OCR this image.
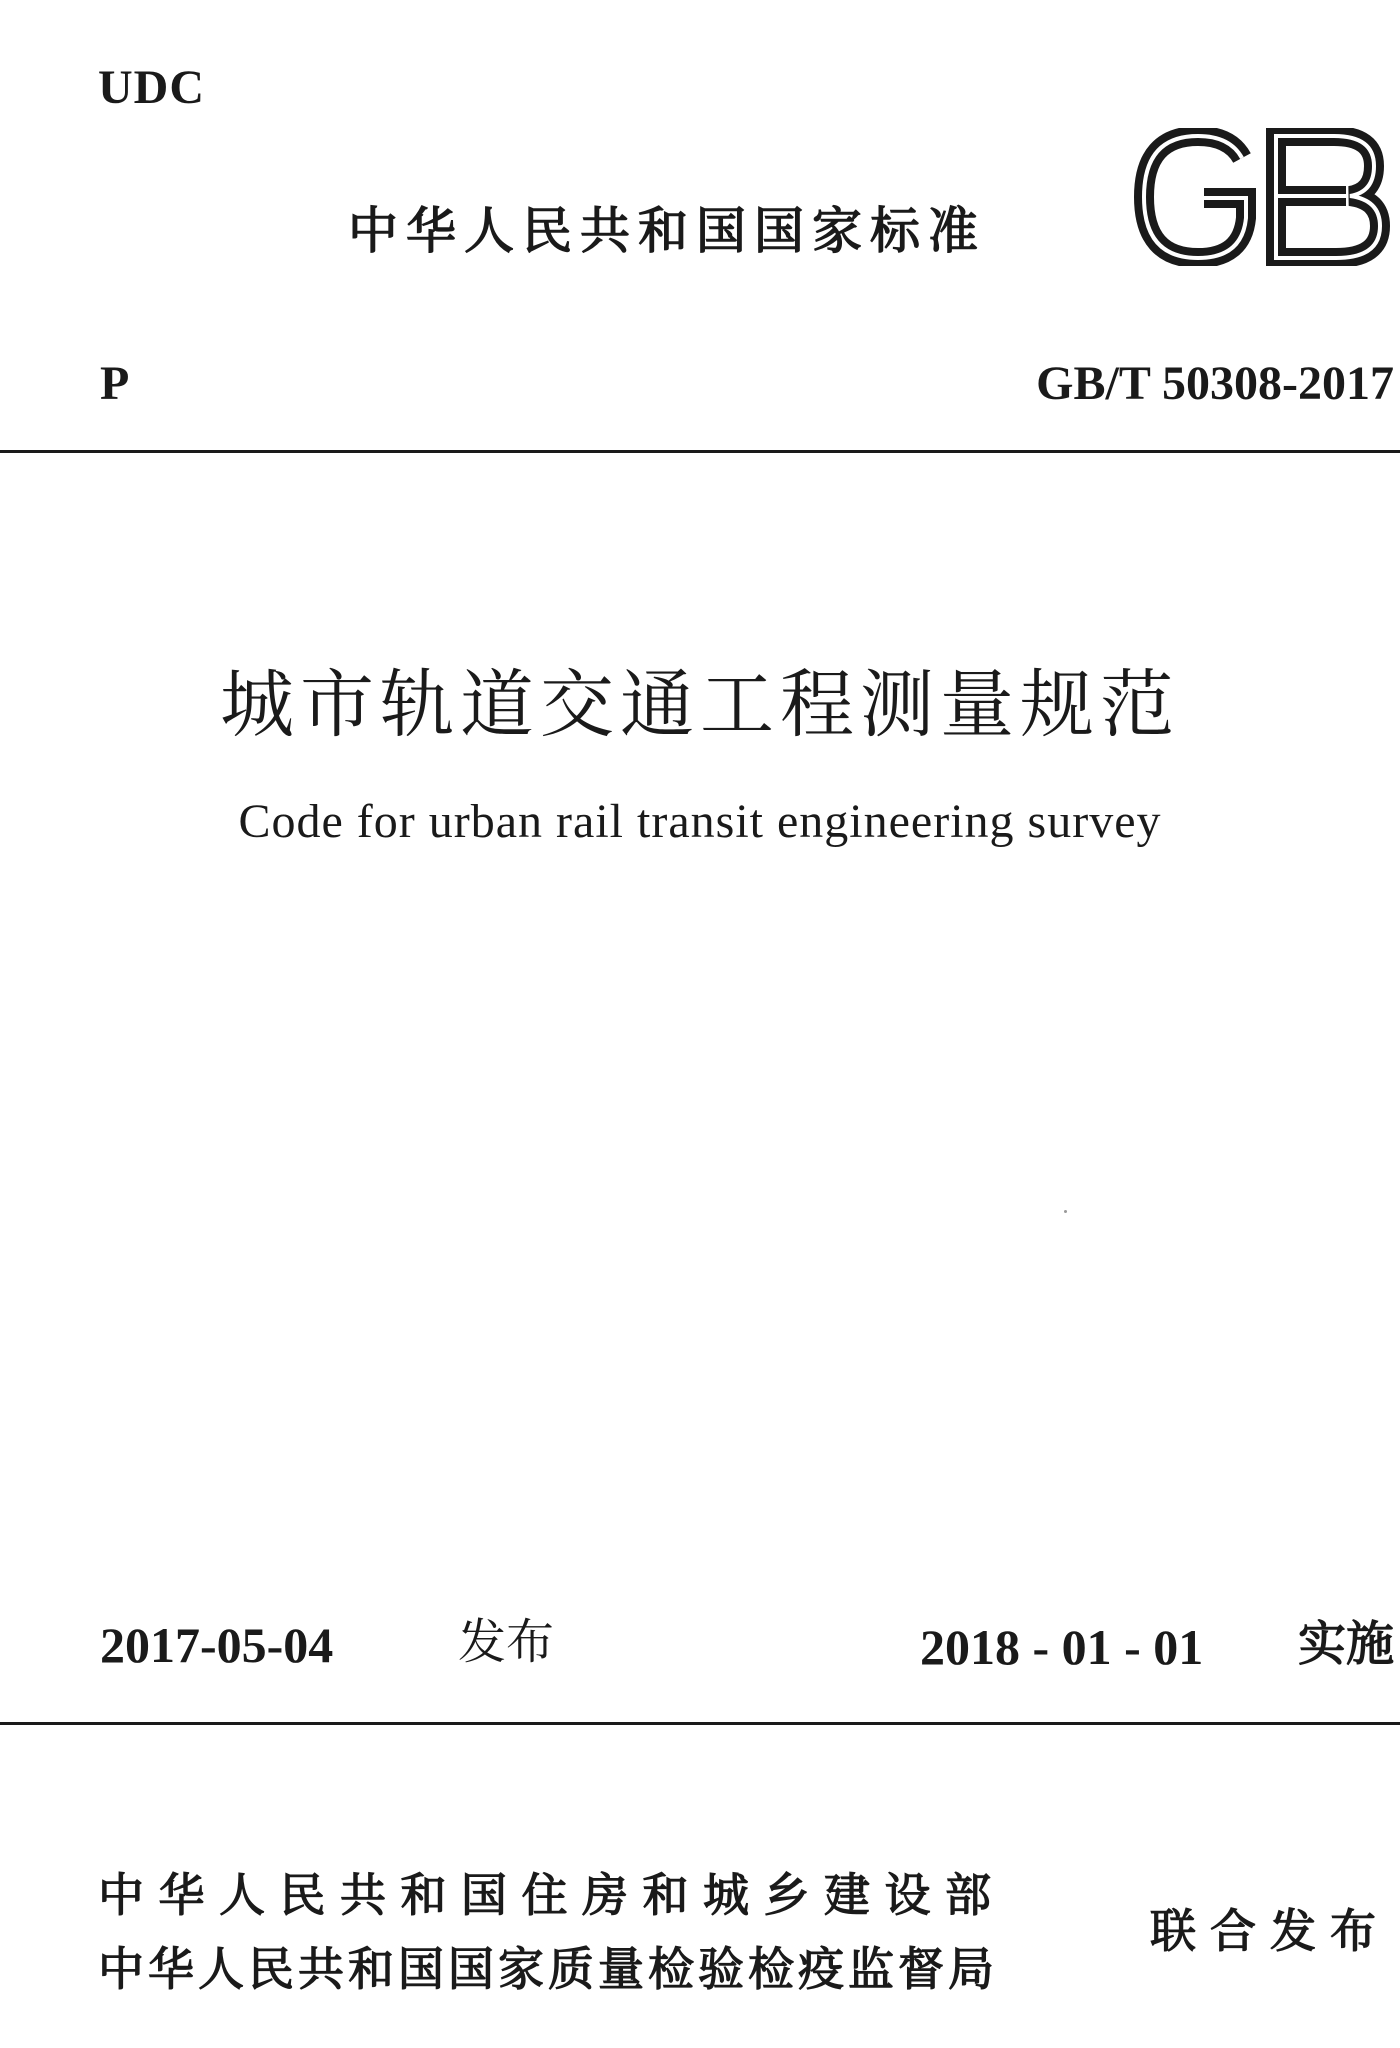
UDC
中华人民共和国国家标准
P	GB/T 50308-2017
城市轨道交通工程测量规范
Code for urban rail transit engineering survey
2017-05-04	发布	2018 - 01 - 01 实施
中华人民共和国住房和城乡建设部
中华人民共和国国家质量检验检疫监督局
联合发布
